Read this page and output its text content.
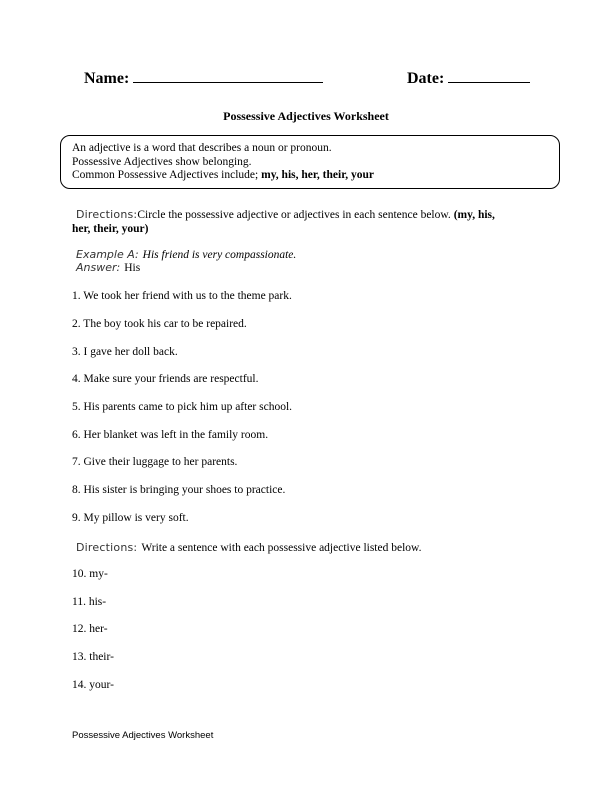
Name:	Date:
Possessive Adjectives Worksheet
An adjective is a word that describes a noun or pronoun.
Possessive Adjectives show belonging.
Common Possessive Adjectives include; my, his, her, their, your
Directions:Circle the possessive adjective or adjectives in each sentence below. (my, his,
her, their, your)
Example A: His friend is very compassionate.
Answer: His
1. We took her friend with us to the theme park.
2. The boy took his car to be repaired.
3. I gave her doll back.
4. Make sure your friends are respectful.
5. His parents came to pick him up after school.
6. Her blanket was left in the family room.
7. Give their luggage to her parents.
8. His sister is bringing your shoes to practice.
9. My pillow is very soft.
Directions: Write a sentence with each possessive adjective listed below.
10. my-
11. his-
12. her-
13. their-
14. your-
Possessive Adjectives Worksheet
